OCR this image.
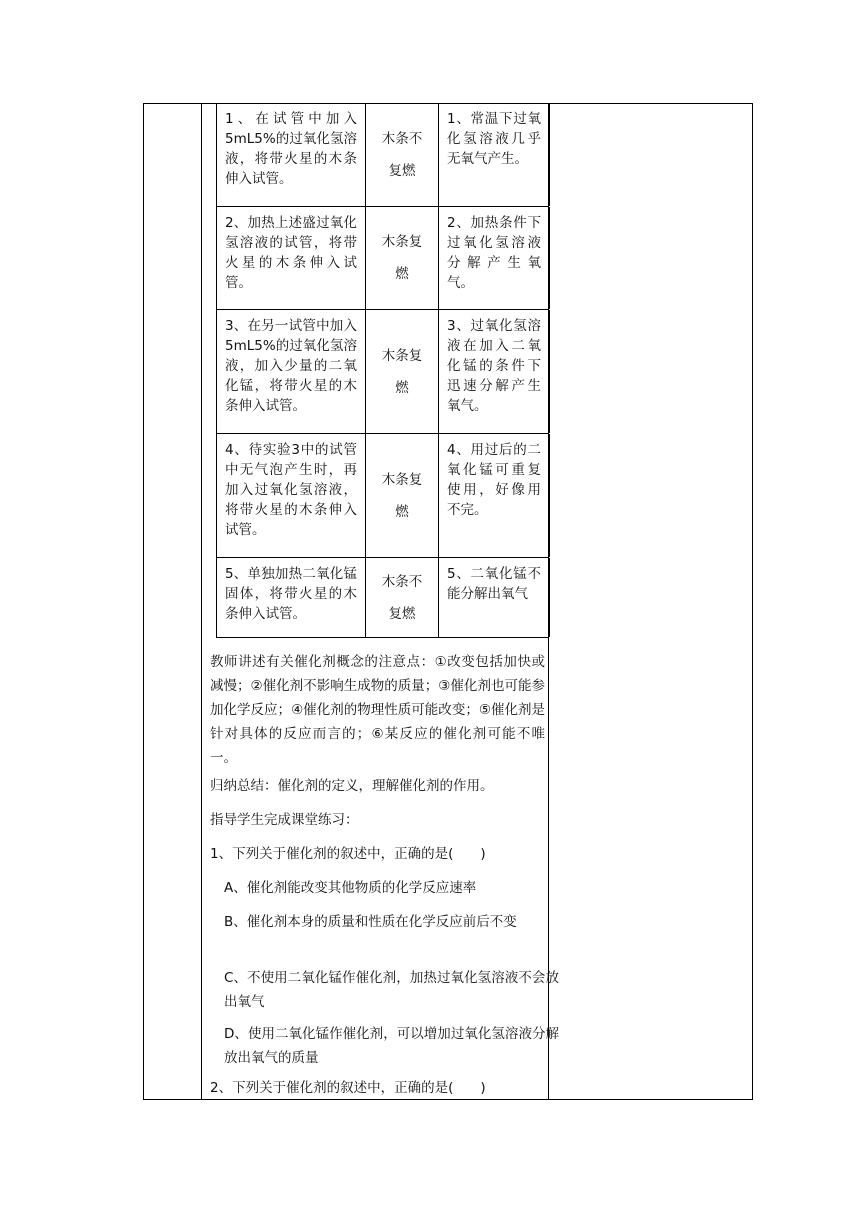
1、在试管中加入5mL5%的过氧化氢溶液，将带火星的木条伸入试管。
木条不复燃
1、常温下过氧化氢溶液几乎无氧气产生。
2、加热上述盛过氧化氢溶液的试管，将带火星的木条伸入试管。
木条复燃
2、加热条件下过氧化氢溶液分解产生氧气。
3、在另一试管中加入5mL5%的过氧化氢溶液，加入少量的二氧化锰，将带火星的木条伸入试管。
木条复燃
3、过氧化氢溶液在加入二氧化锰的条件下迅速分解产生氧气。
4、待实验3中的试管中无气泡产生时，再加入过氧化氢溶液，将带火星的木条伸入试管。
木条复燃
4、用过后的二氧化锰可重复使用，好像用不完。
5、单独加热二氧化锰固体，将带火星的木条伸入试管。
木条不复燃
5、二氧化锰不能分解出氧气
教师讲述有关催化剂概念的注意点：①改变包括加快或减慢；②催化剂不影响生成物的质量；③催化剂也可能参加化学反应；④催化剂的物理性质可能改变；⑤催化剂是针对具体的反应而言的；⑥某反应的催化剂可能不唯一。
归纳总结：催化剂的定义，理解催化剂的作用。
指导学生完成课堂练习：
1、下列关于催化剂的叙述中，正确的是(　　)
A、催化剂能改变其他物质的化学反应速率
B、催化剂本身的质量和性质在化学反应前后不变
C、不使用二氧化锰作催化剂，加热过氧化氢溶液不会放出氧气
D、使用二氧化锰作催化剂，可以增加过氧化氢溶液分解放出氧气的质量
2、下列关于催化剂的叙述中，正确的是(　　)
